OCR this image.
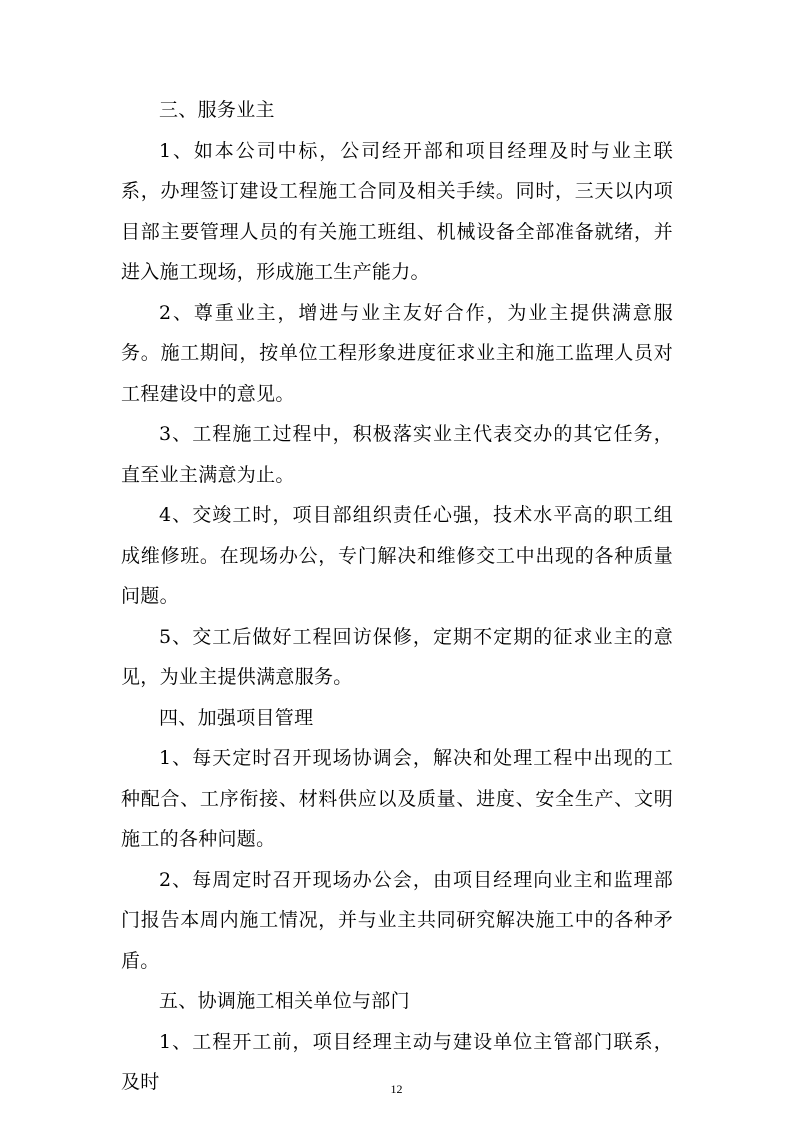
三、服务业主

1、如本公司中标，公司经开部和项目经理及时与业主联系，办理签订建设工程施工合同及相关手续。同时，三天以内项目部主要管理人员的有关施工班组、机械设备全部准备就绪，并进入施工现场，形成施工生产能力。

2、尊重业主，增进与业主友好合作，为业主提供满意服务。施工期间，按单位工程形象进度征求业主和施工监理人员对工程建设中的意见。

3、工程施工过程中，积极落实业主代表交办的其它任务，直至业主满意为止。

4、交竣工时，项目部组织责任心强，技术水平高的职工组成维修班。在现场办公，专门解决和维修交工中出现的各种质量问题。

5、交工后做好工程回访保修，定期不定期的征求业主的意见，为业主提供满意服务。

四、加强项目管理

1、每天定时召开现场协调会，解决和处理工程中出现的工种配合、工序衔接、材料供应以及质量、进度、安全生产、文明施工的各种问题。

2、每周定时召开现场办公会，由项目经理向业主和监理部门报告本周内施工情况，并与业主共同研究解决施工中的各种矛盾。

五、协调施工相关单位与部门

1、工程开工前，项目经理主动与建设单位主管部门联系，及时	12
